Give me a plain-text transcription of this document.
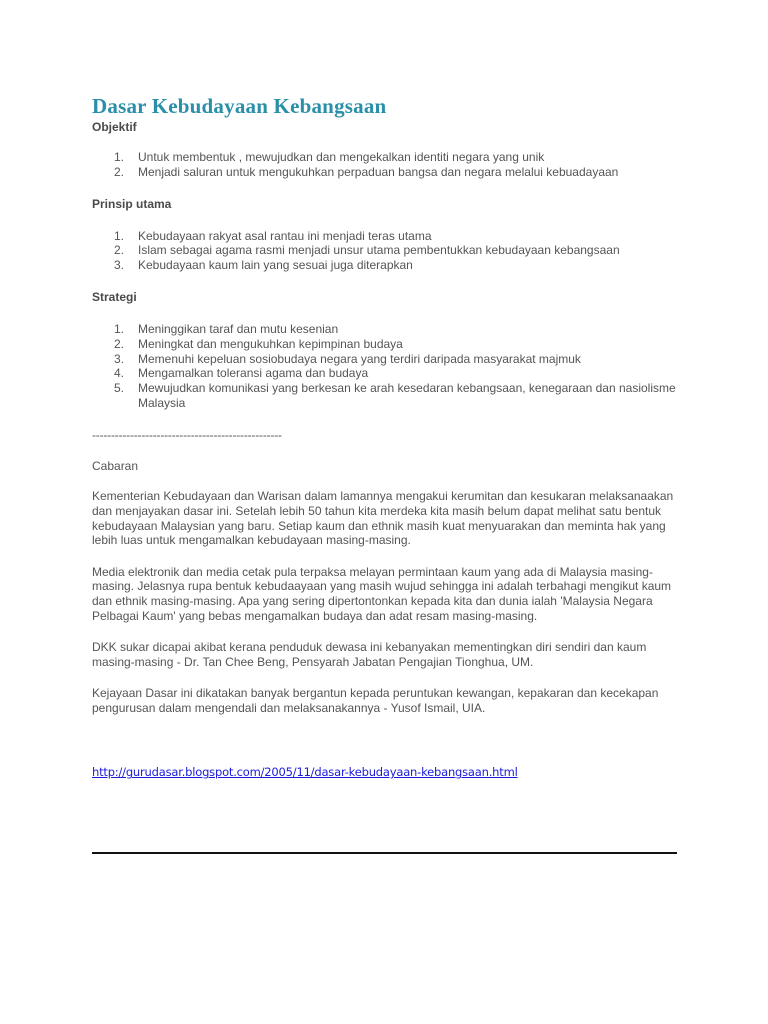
Dasar Kebudayaan Kebangsaan

Objektif

1. Untuk membentuk , mewujudkan dan mengekalkan identiti negara yang unik
2. Menjadi saluran untuk mengukuhkan perpaduan bangsa dan negara melalui kebuadayaan

Prinsip utama

1. Kebudayaan rakyat asal rantau ini menjadi teras utama
2. Islam sebagai agama rasmi menjadi unsur utama pembentukkan kebudayaan kebangsaan
3. Kebudayaan kaum lain yang sesuai juga diterapkan

Strategi

1. Meninggikan taraf dan mutu kesenian
2. Meningkat dan mengukuhkan kepimpinan budaya
3. Memenuhi kepeluan sosiobudaya negara yang terdiri daripada masyarakat majmuk
4. Mengamalkan toleransi agama dan budaya
5. Mewujudkan komunikasi yang berkesan ke arah kesedaran kebangsaan, kenegaraan dan nasiolisme Malaysia

--------------------------------------------------

Cabaran

Kementerian Kebudayaan dan Warisan dalam lamannya mengakui kerumitan dan kesukaran melaksanaakan dan menjayakan dasar ini. Setelah lebih 50 tahun kita merdeka kita masih belum dapat melihat satu bentuk kebudayaan Malaysian yang baru. Setiap kaum dan ethnik masih kuat menyuarakan dan meminta hak yang lebih luas untuk mengamalkan kebudayaan masing-masing.

Media elektronik dan media cetak pula terpaksa melayan permintaan kaum yang ada di Malaysia masing-masing. Jelasnya rupa bentuk kebudaayaan yang masih wujud sehingga ini adalah terbahagi mengikut kaum dan ethnik masing-masing. Apa yang sering dipertontonkan kepada kita dan dunia ialah 'Malaysia Negara Pelbagai Kaum' yang bebas mengamalkan budaya dan adat resam masing-masing.

DKK sukar dicapai akibat kerana penduduk dewasa ini kebanyakan mementingkan diri sendiri dan kaum masing-masing - Dr. Tan Chee Beng, Pensyarah Jabatan Pengajian Tionghua, UM.

Kejayaan Dasar ini dikatakan banyak bergantun kepada peruntukan kewangan, kepakaran dan kecekapan pengurusan dalam mengendali dan melaksanakannya - Yusof Ismail, UIA.

http://gurudasar.blogspot.com/2005/11/dasar-kebudayaan-kebangsaan.html
